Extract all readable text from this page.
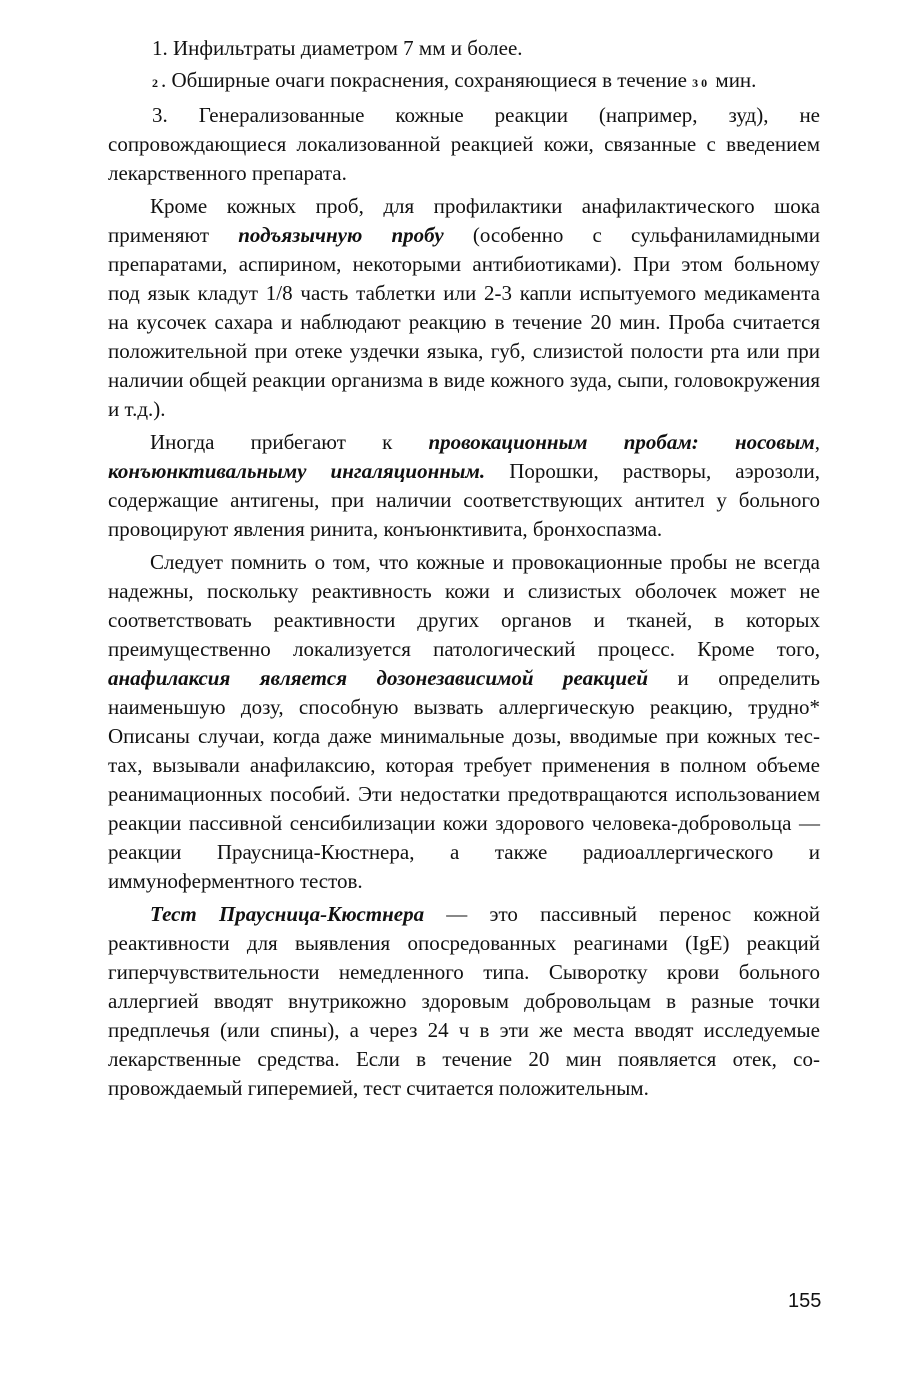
1. Инфильтраты диаметром 7 мм и более.

2. Обширные очаги покраснения, сохраняющиеся в течение 30 мин.

3. Генерализованные кожные реакции (например, зуд), не сопровождающиеся локализованной реакцией кожи, связанные с введением лекарственного препарата.

Кроме кожных проб, для профилактики анафилактического шока применяют подъязычную пробу (особенно с сульфаниламидными препаратами, аспирином, некоторыми антибиотиками). При этом больному под язык кладут 1/8 часть таблетки или 2-3 капли испытуемого медикамента на кусочек сахара и наблюдают реакцию в течение 20 мин. Проба считается положительной при отеке уздечки языка, губ, слизистой полости рта или при наличии общей реакции организма в виде кожного зуда, сыпи, головокружения и т.д.).

Иногда прибегают к провокационным пробам: носовым, конъюнктивальныму ингаляционным. Порошки, растворы, аэрозоли, содержащие антигены, при наличии соответствующих антител у больного провоцируют явления ринита, конъюнктивита, бронхоспазма.

Следует помнить о том, что кожные и провокационные пробы не всегда надежны, поскольку реактивность кожи и слизистых оболочек может не соответствовать реактивности других органов и тканей, в которых преимущественно локализуется патологический процесс. Кроме того, анафилаксия является дозонезависимой реакцией и определить наименьшую дозу, способную вызвать аллергическую реакцию, трудно* Описаны случаи, когда даже минимальные дозы, вводимые при кожных тестах, вызывали анафилаксию, которая требует применения в полном объеме реанимационных пособий. Эти недостатки предотвращаются использованием реакции пассивной сенсибилизации кожи здорового человека-добровольца — реакции Праусница-Кюстнера, а также радиоаллергического и иммуноферментного тестов.

Тест Праусница-Кюстнера — это пассивный перенос кожной реактивности для выявления опосредованных реагинами (IgE) реакций гиперчувствительности немедленного типа. Сыворотку крови больного аллергией вводят внутрикожно здоровым добровольцам в разные точки предплечья (или спины), а через 24 ч в эти же места вводят исследуемые лекарственные средства. Если в течение 20 мин появляется отек, сопровождаемый гиперемией, тест считается положительным.

155
